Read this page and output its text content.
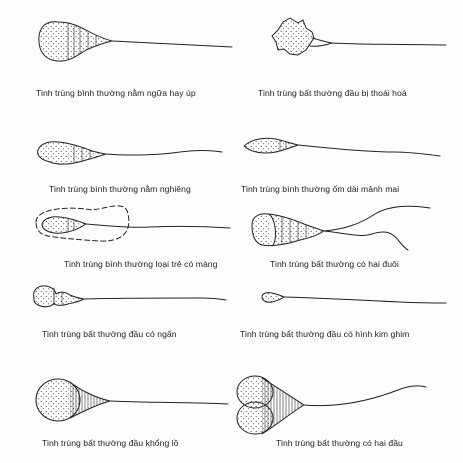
Tinh trùng bình thường nằm ngữa hay úp	Tinh trùng bất thường đầu bị thoái hoá
Tinh trùng bình thường nằm nghiêng	Tinh trùng bình thường ốm dài mảnh mai
Tinh trùng bình thường loại trẻ có màng	Tinh trùng bất thường có hai đuôi
Tinh trùng bất thường đầu có ngấn	Tinh trùng bất thường đầu có hình kim ghim
Tinh trùng bất thường đầu khổng lồ	Tinh trùng bất thường có hai đầu
